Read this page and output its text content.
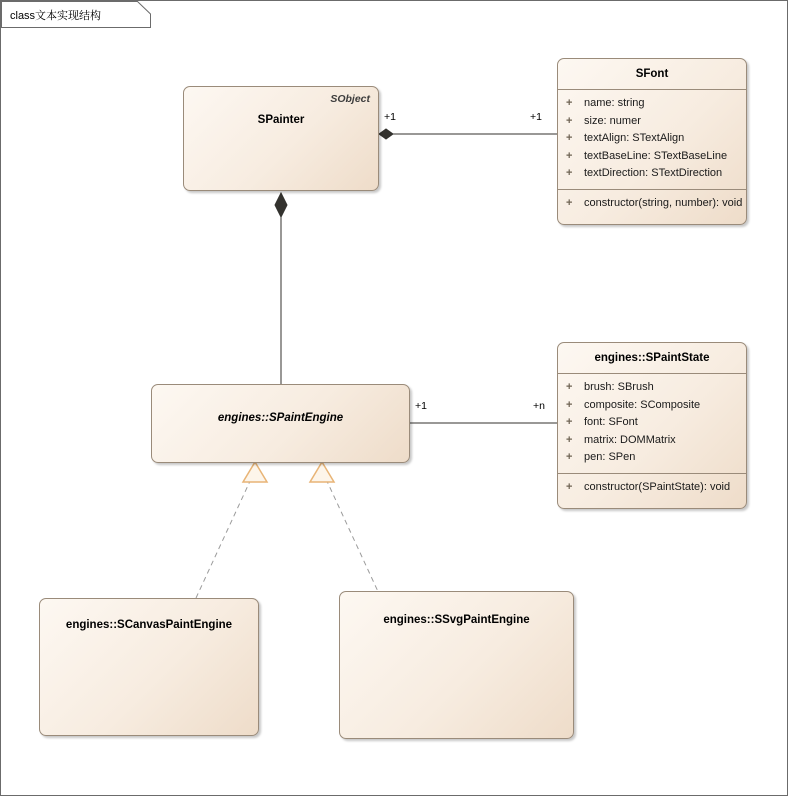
class文本实现结构
SObject
SPainter
SFont
+ name: string
+ size: numer
+ textAlign: STextAlign
+ textBaseLine: STextBaseLine
+ textDirection: STextDirection
+ constructor(string, number): void
engines::SPaintEngine
engines::SPaintState
+ brush: SBrush
+ composite: SComposite
+ font: SFont
+ matrix: DOMMatrix
+ pen: SPen
+ constructor(SPaintState): void
engines::SCanvasPaintEngine	engines::SSvgPaintEngine
+1	+1
+1	+n
